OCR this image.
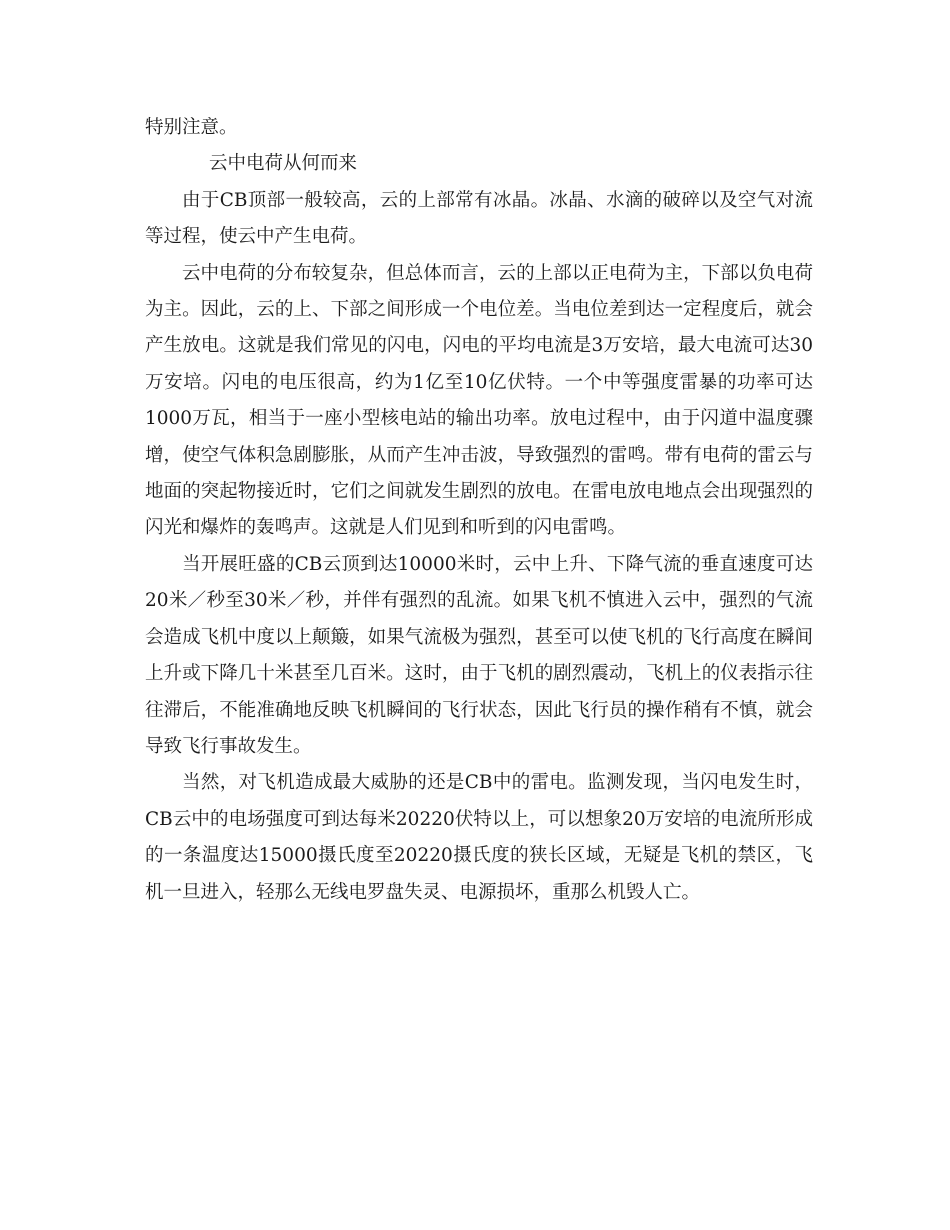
特别注意。

云中电荷从何而来

由于CB顶部一般较高，云的上部常有冰晶。冰晶、水滴的破碎以及空气对流等过程，使云中产生电荷。

云中电荷的分布较复杂，但总体而言，云的上部以正电荷为主，下部以负电荷为主。因此，云的上、下部之间形成一个电位差。当电位差到达一定程度后，就会产生放电。这就是我们常见的闪电，闪电的平均电流是3万安培，最大电流可达30万安培。闪电的电压很高，约为1亿至10亿伏特。一个中等强度雷暴的功率可达1000万瓦，相当于一座小型核电站的输出功率。放电过程中，由于闪道中温度骤增，使空气体积急剧膨胀，从而产生冲击波，导致强烈的雷鸣。带有电荷的雷云与地面的突起物接近时，它们之间就发生剧烈的放电。在雷电放电地点会出现强烈的闪光和爆炸的轰鸣声。这就是人们见到和听到的闪电雷鸣。

当开展旺盛的CB云顶到达10000米时，云中上升、下降气流的垂直速度可达20米／秒至30米／秒，并伴有强烈的乱流。如果飞机不慎进入云中，强烈的气流会造成飞机中度以上颠簸，如果气流极为强烈，甚至可以使飞机的飞行高度在瞬间上升或下降几十米甚至几百米。这时，由于飞机的剧烈震动，飞机上的仪表指示往往滞后，不能准确地反映飞机瞬间的飞行状态，因此飞行员的操作稍有不慎，就会导致飞行事故发生。

当然，对飞机造成最大威胁的还是CB中的雷电。监测发现，当闪电发生时，CB云中的电场强度可到达每米20220伏特以上，可以想象20万安培的电流所形成的一条温度达15000摄氏度至20220摄氏度的狭长区域，无疑是飞机的禁区，飞机一旦进入，轻那么无线电罗盘失灵、电源损坏，重那么机毁人亡。
